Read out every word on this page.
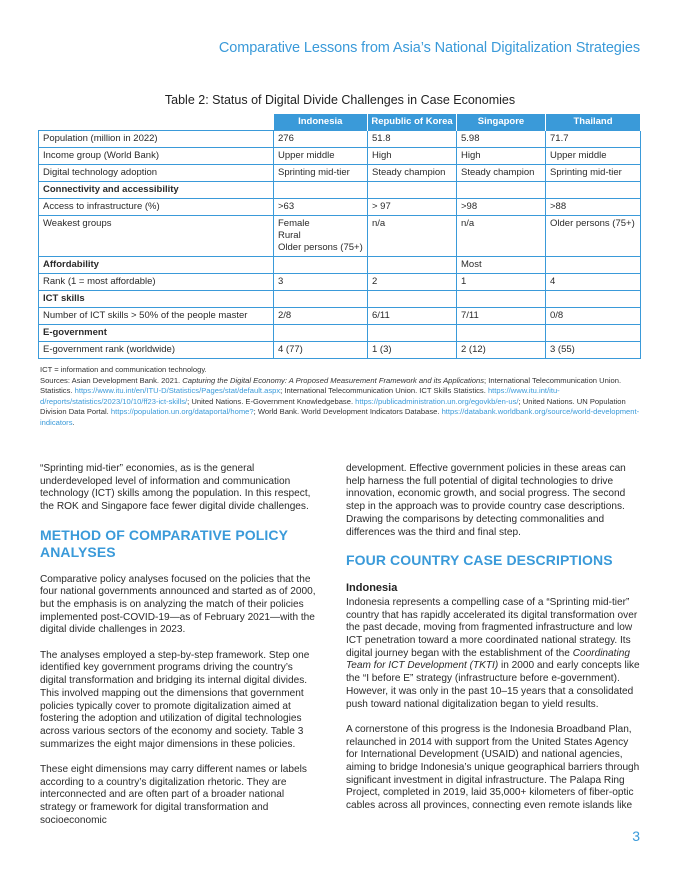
Comparative Lessons from Asia’s National Digitalization Strategies
Table 2: Status of Digital Divide Challenges in Case Economies
	Indonesia	Republic of Korea	Singapore	Thailand
Population (million in 2022)	276	51.8	5.98	71.7
Income group (World Bank)	Upper middle	High	High	Upper middle
Digital technology adoption	Sprinting mid-tier	Steady champion	Steady champion	Sprinting mid-tier
Connectivity and accessibility				
Access to infrastructure (%)	>63	> 97	>98	>88
Weakest groups	Female
Rural
Older persons (75+)	n/a	n/a	Older persons (75+)
Affordability			Most	
Rank (1 = most affordable)	3	2	1	4
ICT skills				
Number of ICT skills > 50% of the people master	2/8	6/11	7/11	0/8
E-government				
E-government rank (worldwide)	4 (77)	1 (3)	2 (12)	3 (55)
ICT = information and communication technology.
Sources: Asian Development Bank. 2021. Capturing the Digital Economy: A Proposed Measurement Framework and its Applications; International Telecommunication Union. Statistics. https://www.itu.int/en/ITU-D/Statistics/Pages/stat/default.aspx; International Telecommunication Union. ICT Skills Statistics. https://www.itu.int/itu-d/reports/statistics/2023/10/10/ff23-ict-skills/; United Nations. E-Government Knowledgebase. https://publicadministration.un.org/egovkb/en-us/; United Nations. UN Population Division Data Portal. https://population.un.org/dataportal/home?; World Bank. World Development Indicators Database. https://databank.worldbank.org/source/world-development-indicators.

“Sprinting mid-tier” economies, as is the general underdeveloped level of information and communication technology (ICT) skills among the population. In this respect, the ROK and Singapore face fewer digital divide challenges.

METHOD OF COMPARATIVE POLICY ANALYSES

Comparative policy analyses focused on the policies that the four national governments announced and started as of 2000, but the emphasis is on analyzing the match of their policies implemented post-COVID-19—as of February 2021—with the digital divide challenges in 2023.

The analyses employed a step-by-step framework. Step one identified key government programs driving the country’s digital transformation and bridging its internal digital divides. This involved mapping out the dimensions that government policies typically cover to promote digitalization aimed at fostering the adoption and utilization of digital technologies across various sectors of the economy and society. Table 3 summarizes the eight major dimensions in these policies.

These eight dimensions may carry different names or labels according to a country’s digitalization rhetoric. They are interconnected and are often part of a broader national strategy or framework for digital transformation and socioeconomic

development. Effective government policies in these areas can help harness the full potential of digital technologies to drive innovation, economic growth, and social progress. The second step in the approach was to provide country case descriptions. Drawing the comparisons by detecting commonalities and differences was the third and final step.

FOUR COUNTRY CASE DESCRIPTIONS
Indonesia

Indonesia represents a compelling case of a “Sprinting mid-tier” country that has rapidly accelerated its digital transformation over the past decade, moving from fragmented infrastructure and low ICT penetration toward a more coordinated national strategy. Its digital journey began with the establishment of the Coordinating Team for ICT Development (TKTI) in 2000 and early concepts like the “I before E” strategy (infrastructure before e-government). However, it was only in the past 10–15 years that a consolidated push toward national digitalization began to yield results.

A cornerstone of this progress is the Indonesia Broadband Plan, relaunched in 2014 with support from the United States Agency for International Development (USAID) and national agencies, aiming to bridge Indonesia’s unique geographical barriers through significant investment in digital infrastructure. The Palapa Ring Project, completed in 2019, laid 35,000+ kilometers of fiber-optic cables across all provinces, connecting even remote islands like

3
